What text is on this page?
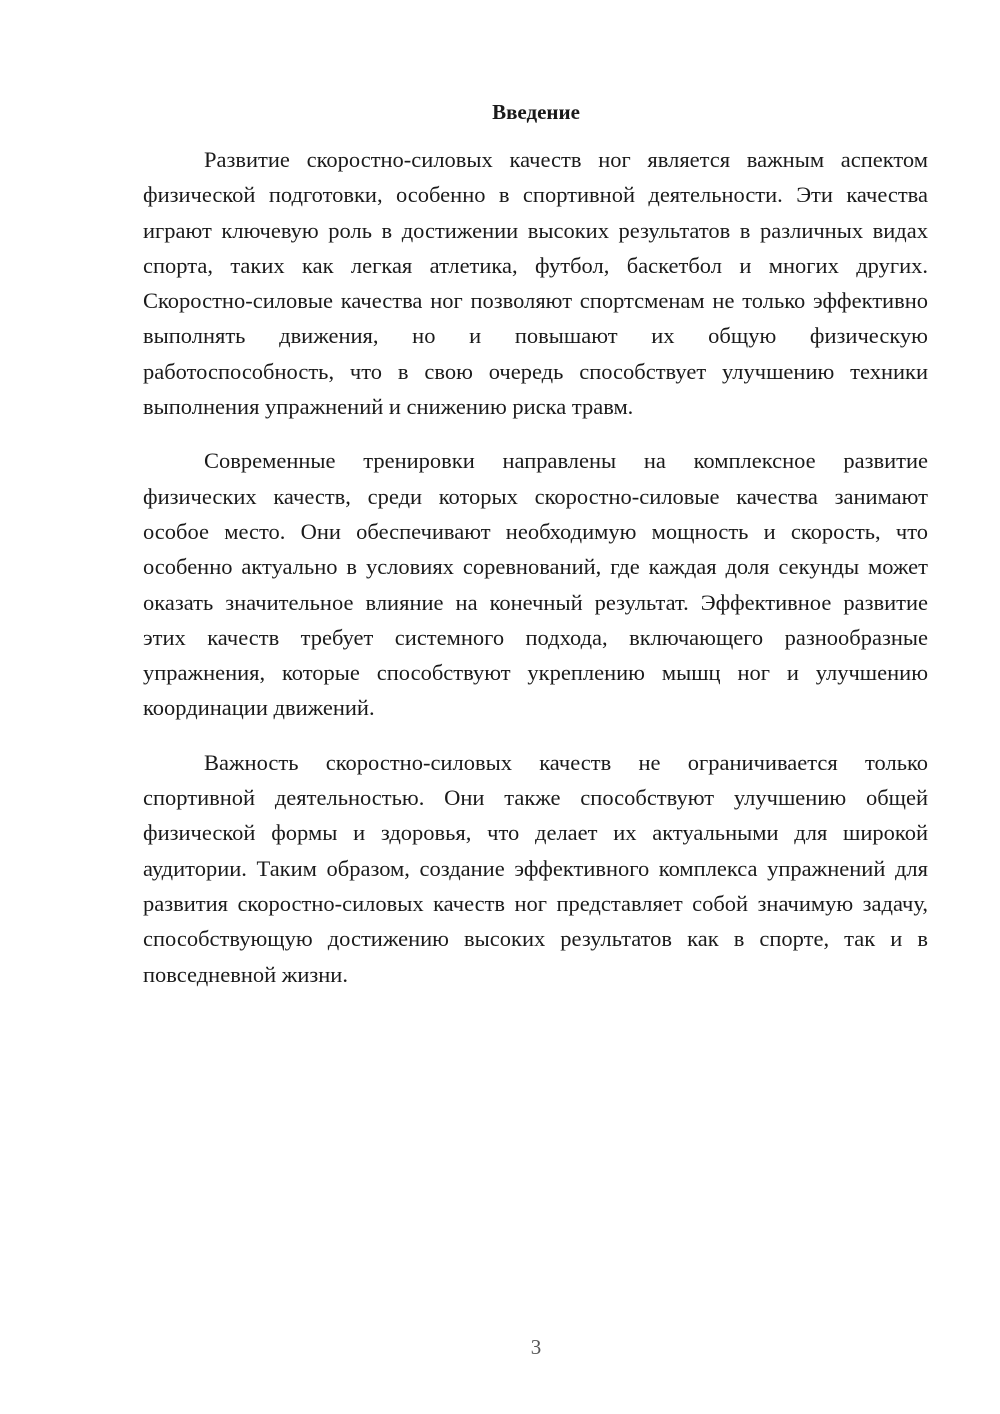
Введение

Развитие скоростно-силовых качеств ног является важным аспектом физической подготовки, особенно в спортивной деятельности. Эти качества играют ключевую роль в достижении высоких результатов в различных видах спорта, таких как легкая атлетика, футбол, баскетбол и многих других. Скоростно-силовые качества ног позволяют спортсменам не только эффективно выполнять движения, но и повышают их общую физическую работоспособность, что в свою очередь способствует улучшению техники выполнения упражнений и снижению риска травм.

Современные тренировки направлены на комплексное развитие физических качеств, среди которых скоростно-силовые качества занимают особое место. Они обеспечивают необходимую мощность и скорость, что особенно актуально в условиях соревнований, где каждая доля секунды может оказать значительное влияние на конечный результат. Эффективное развитие этих качеств требует системного подхода, включающего разнообразные упражнения, которые способствуют укреплению мышц ног и улучшению координации движений.

Важность скоростно-силовых качеств не ограничивается только спортивной деятельностью. Они также способствуют улучшению общей физической формы и здоровья, что делает их актуальными для широкой аудитории. Таким образом, создание эффективного комплекса упражнений для развития скоростно-силовых качеств ног представляет собой значимую задачу, способствующую достижению высоких результатов как в спорте, так и в повседневной жизни.

3
